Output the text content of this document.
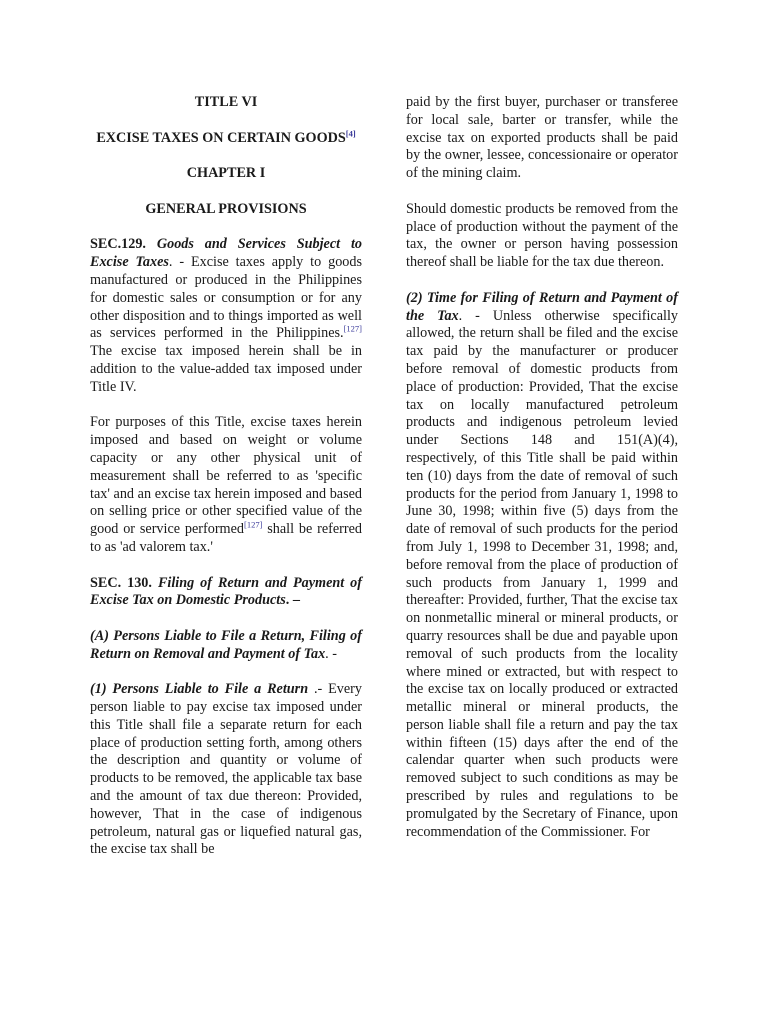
TITLE VI

EXCISE TAXES ON CERTAIN GOODS[4]

CHAPTER I

GENERAL PROVISIONS

SEC.129. Goods and Services Subject to Excise Taxes. - Excise taxes apply to goods manufactured or produced in the Philippines for domestic sales or consumption or for any other disposition and to things imported as well as services performed in the Philippines.[127] The excise tax imposed herein shall be in addition to the value-added tax imposed under Title IV.

For purposes of this Title, excise taxes herein imposed and based on weight or volume capacity or any other physical unit of measurement shall be referred to as 'specific tax' and an excise tax herein imposed and based on selling price or other specified value of the good or service performed[127] shall be referred to as 'ad valorem tax.'

SEC. 130. Filing of Return and Payment of Excise Tax on Domestic Products. –

(A) Persons Liable to File a Return, Filing of Return on Removal and Payment of Tax. -

(1) Persons Liable to File a Return .- Every person liable to pay excise tax imposed under this Title shall file a separate return for each place of production setting forth, among others the description and quantity or volume of products to be removed, the applicable tax base and the amount of tax due thereon: Provided, however, That in the case of indigenous petroleum, natural gas or liquefied natural gas, the excise tax shall be

paid by the first buyer, purchaser or transferee for local sale, barter or transfer, while the excise tax on exported products shall be paid by the owner, lessee, concessionaire or operator of the mining claim.

Should domestic products be removed from the place of production without the payment of the tax, the owner or person having possession thereof shall be liable for the tax due thereon.

(2) Time for Filing of Return and Payment of the Tax. - Unless otherwise specifically allowed, the return shall be filed and the excise tax paid by the manufacturer or producer before removal of domestic products from place of production: Provided, That the excise tax on locally manufactured petroleum products and indigenous petroleum levied under Sections 148 and 151(A)(4), respectively, of this Title shall be paid within ten (10) days from the date of removal of such products for the period from January 1, 1998 to June 30, 1998; within five (5) days from the date of removal of such products for the period from July 1, 1998 to December 31, 1998; and, before removal from the place of production of such products from January 1, 1999 and thereafter: Provided, further, That the excise tax on nonmetallic mineral or mineral products, or quarry resources shall be due and payable upon removal of such products from the locality where mined or extracted, but with respect to the excise tax on locally produced or extracted metallic mineral or mineral products, the person liable shall file a return and pay the tax within fifteen (15) days after the end of the calendar quarter when such products were removed subject to such conditions as may be prescribed by rules and regulations to be promulgated by the Secretary of Finance, upon recommendation of the Commissioner. For
